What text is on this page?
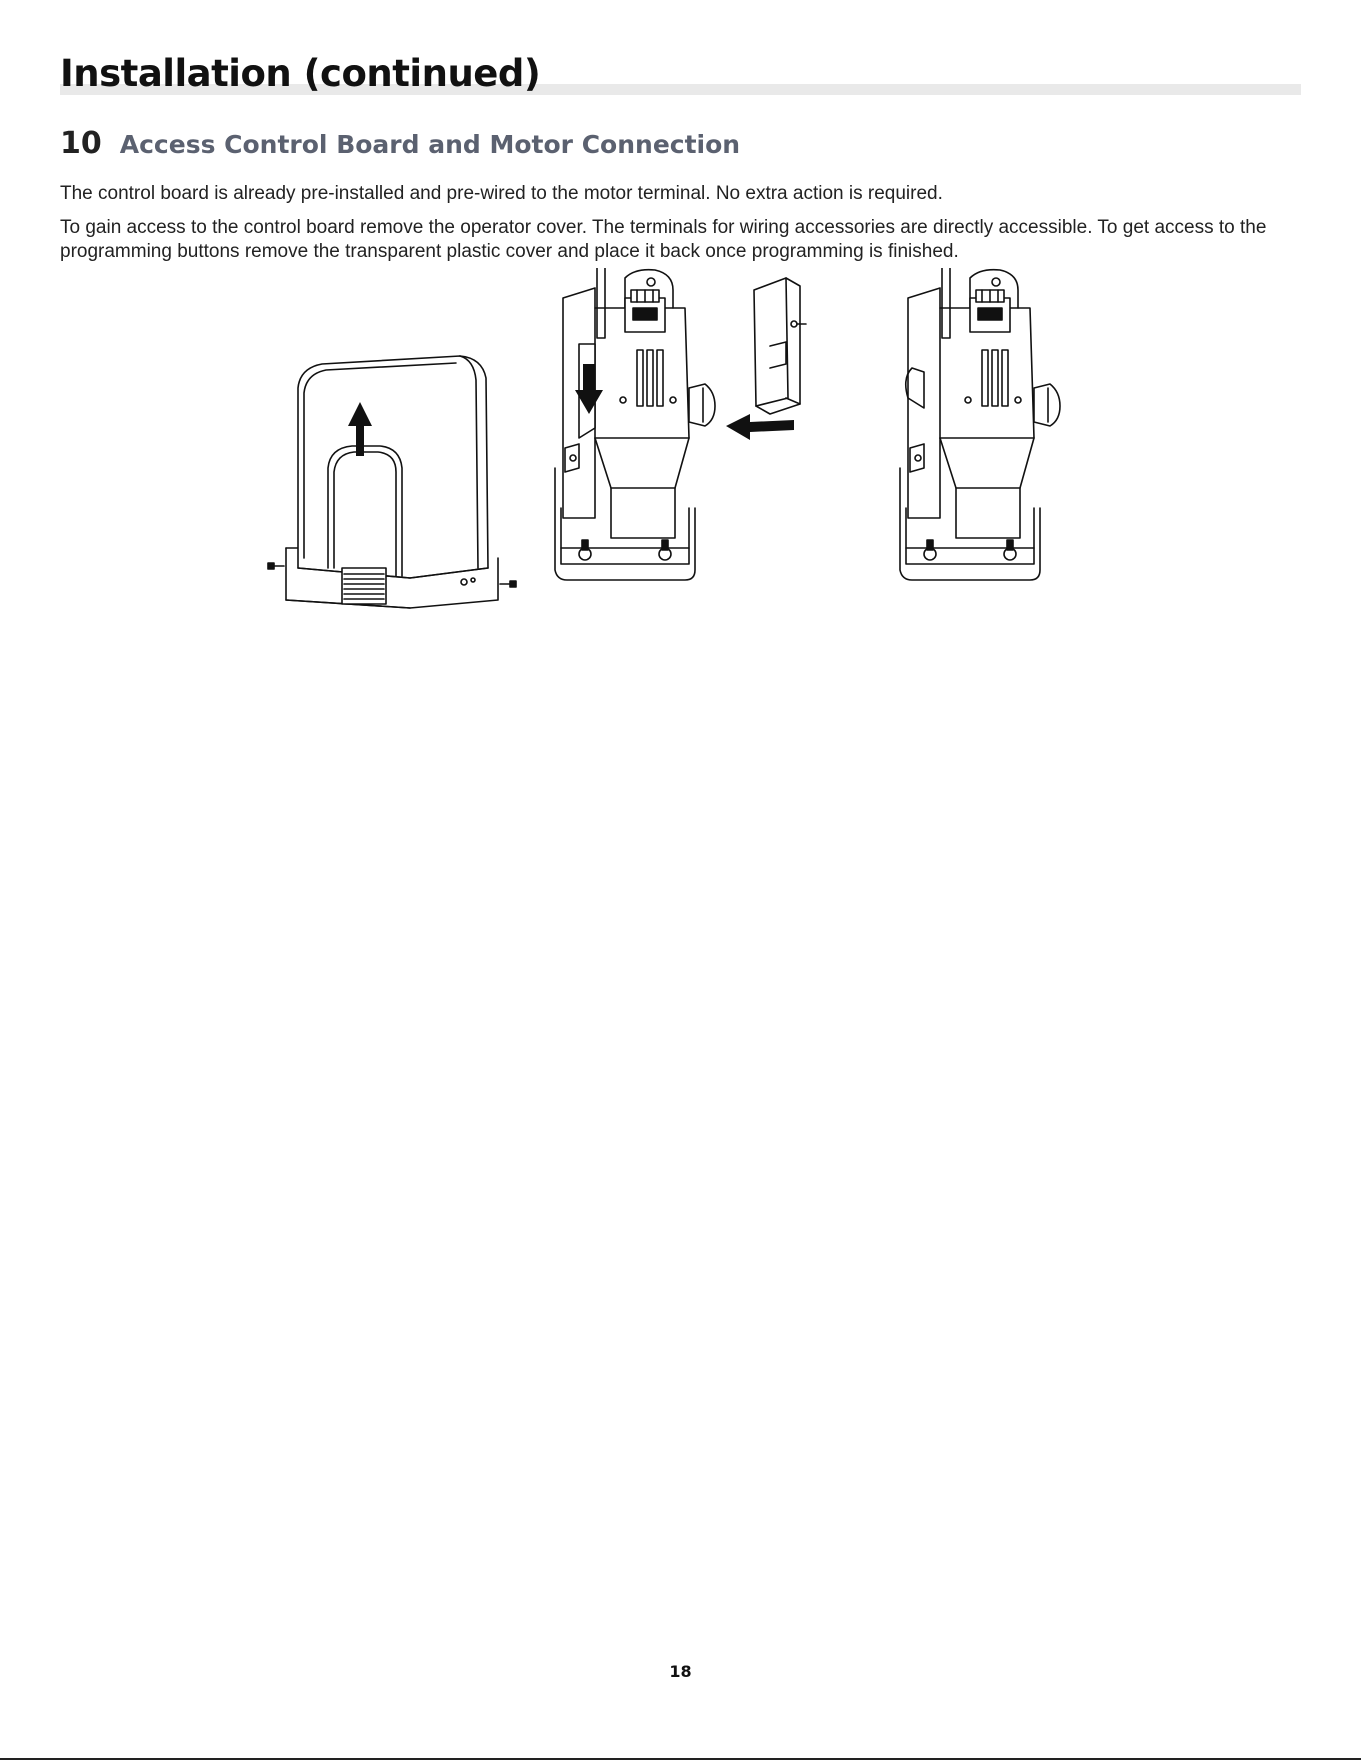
Installation (continued)
10 Access Control Board and Motor Connection

The control board is already pre-installed and pre-wired to the motor terminal. No extra action is required.

To gain access to the control board remove the operator cover. The terminals for wiring accessories are directly accessible. To get access to the programming buttons remove the transparent plastic cover and place it back once programming is finished.

18
